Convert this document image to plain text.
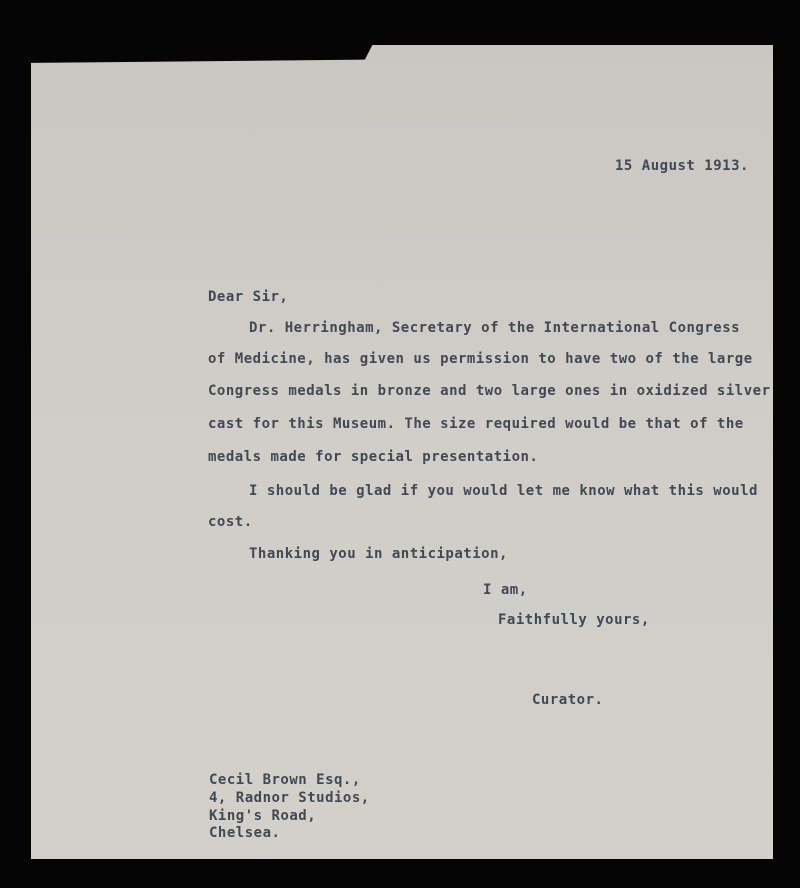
15 August 1913.

Dear Sir,

Dr. Herringham, Secretary of the International Congress

of Medicine, has given us permission to have two of the large

Congress medals in bronze and two large ones in oxidized silver

cast for this Museum. The size required would be that of the

medals made for special presentation.

I should be glad if you would let me know what this would

cost.

Thanking you in anticipation,

I am,

Faithfully yours,

Curator.

Cecil Brown Esq.,

4, Radnor Studios,

King's Road,

Chelsea.
